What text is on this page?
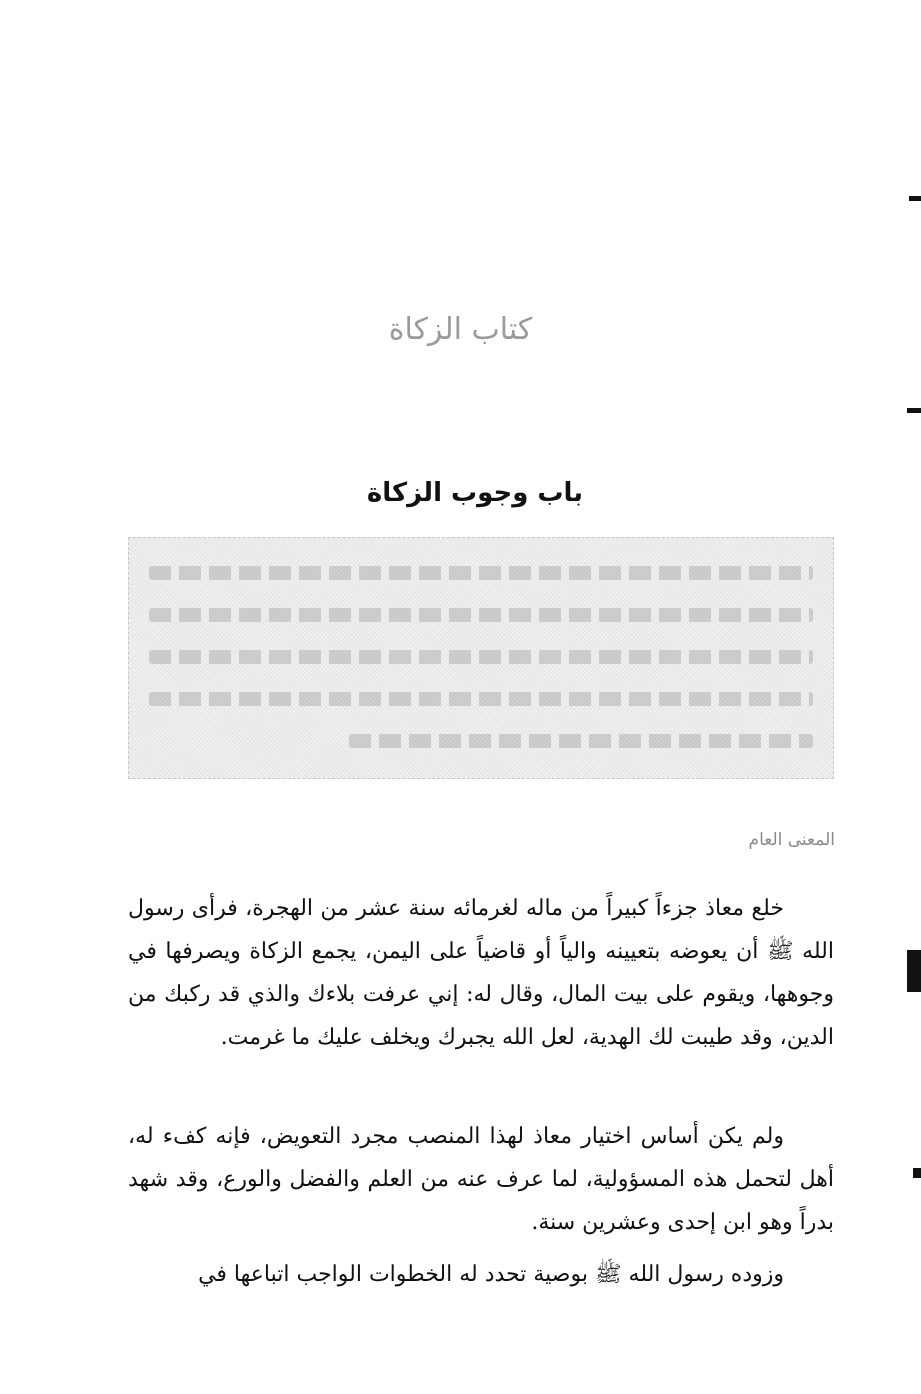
كتاب الزكاة
باب وجوب الزكاة
المعنى العام

خلع معاذ جزءاً كبيراً من ماله لغرمائه سنة عشر من الهجرة، فرأى رسول الله ﷺ أن يعوضه بتعيينه والياً أو قاضياً على اليمن، يجمع الزكاة ويصرفها في وجوهها، ويقوم على بيت المال، وقال له: إني عرفت بلاءك والذي قد ركبك من الدين، وقد طيبت لك الهدية، لعل الله يجبرك ويخلف عليك ما غرمت.

ولم يكن أساس اختيار معاذ لهذا المنصب مجرد التعويض، فإنه كفء له، أهل لتحمل هذه المسؤولية، لما عرف عنه من العلم والفضل والورع، وقد شهد بدراً وهو ابن إحدى وعشرين سنة.

وزوده رسول الله ﷺ بوصية تحدد له الخطوات الواجب اتباعها في
